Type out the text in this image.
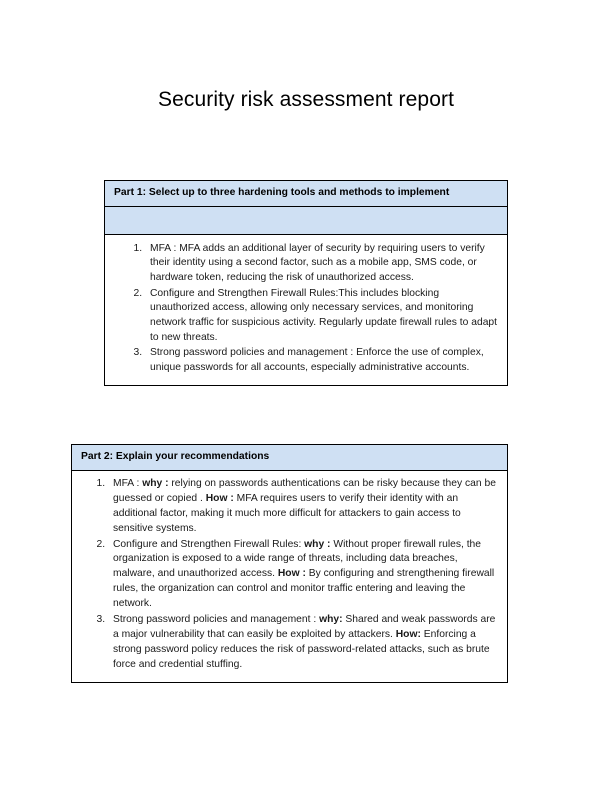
Security risk assessment report
Part 1: Select up to three hardening tools and methods to implement
1. MFA : MFA adds an additional layer of security by requiring users to verify their identity using a second factor, such as a mobile app, SMS code, or hardware token, reducing the risk of unauthorized access.
2. Configure and Strengthen Firewall Rules:This includes blocking unauthorized access, allowing only necessary services, and monitoring network traffic for suspicious activity. Regularly update firewall rules to adapt to new threats.
3. Strong password policies and management : Enforce the use of complex, unique passwords for all accounts, especially administrative accounts.
Part 2: Explain your recommendations
1. MFA : why : relying on passwords authentications can be risky because they can be guessed or copied . How : MFA requires users to verify their identity with an additional factor, making it much more difficult for attackers to gain access to sensitive systems.
2. Configure and Strengthen Firewall Rules: why : Without proper firewall rules, the organization is exposed to a wide range of threats, including data breaches, malware, and unauthorized access. How : By configuring and strengthening firewall rules, the organization can control and monitor traffic entering and leaving the network.
3. Strong password policies and management : why: Shared and weak passwords are a major vulnerability that can easily be exploited by attackers. How: Enforcing a strong password policy reduces the risk of password-related attacks, such as brute force and credential stuffing.
